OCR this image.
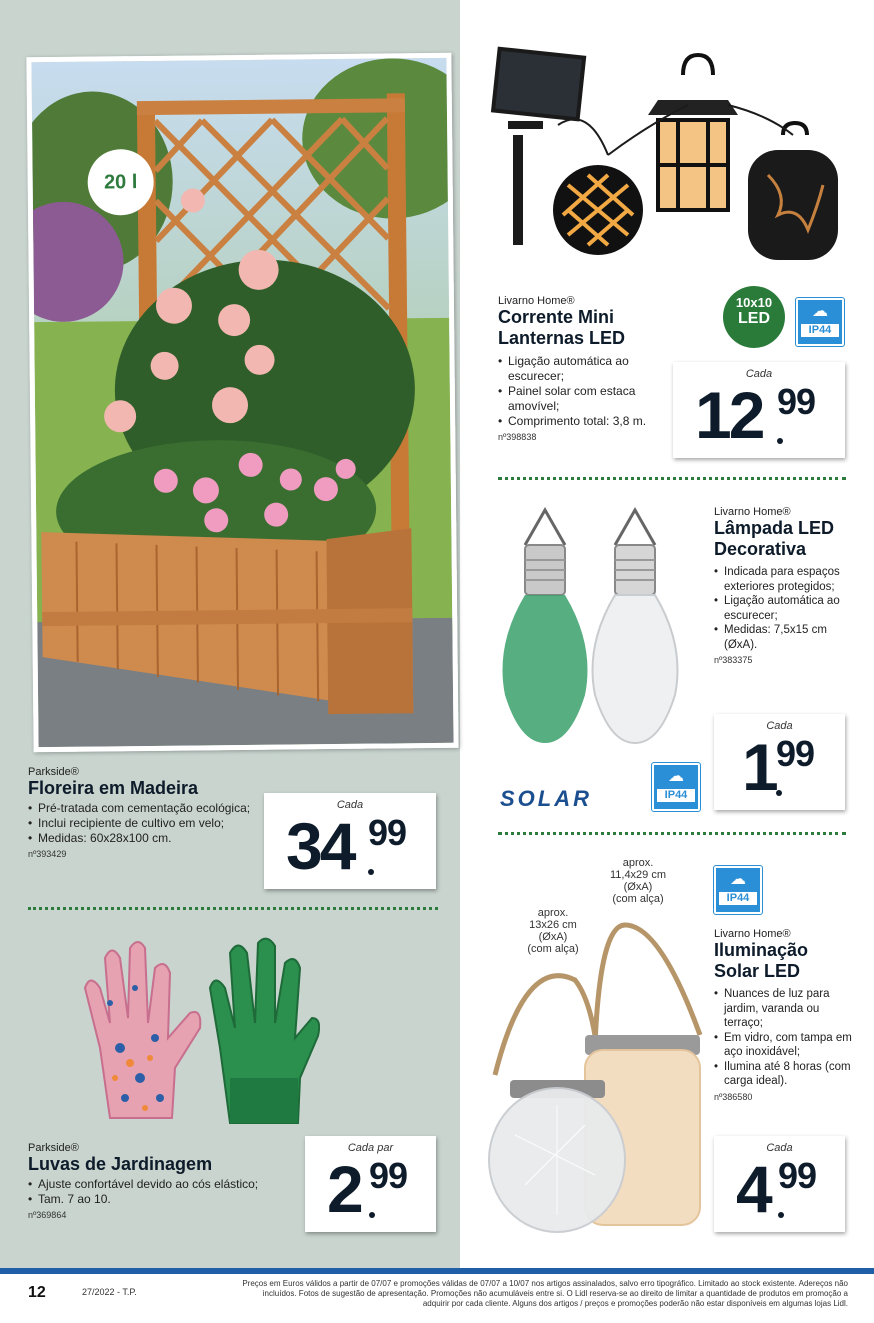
20 l
Parkside®
Floreira em Madeira
• Pré-tratada com cementação ecológica;
• Inclui recipiente de cultivo em velo;
• Medidas: 60x28x100 cm.
nº393429
Cada
34 99
Parkside®
Luvas de Jardinagem
• Ajuste confortável devido ao cós elástico;
• Tam. 7 ao 10.
nº369864
Cada par
2 99
Livarno Home®
Corrente Mini
Lanternas LED
• Ligação automática ao escurecer;
• Painel solar com estaca amovível;
• Comprimento total: 3,8 m.
nº398838
10x10
LED	☁
IP44
Cada
12 99
Livarno Home®
Lâmpada LED
Decorativa
• Indicada para espaços exteriores protegidos;
• Ligação automática ao escurecer;
• Medidas: 7,5x15 cm (ØxA).
nº383375
SOLAR
☁
IP44
Cada
1 99
aprox.
11,4x29 cm
(ØxA)
(com alça)
aprox.
13x26 cm
(ØxA)
(com alça)
☁
IP44
Livarno Home®
Iluminação
Solar LED
• Nuances de luz para jardim, varanda ou terraço;
• Em vidro, com tampa em aço inoxidável;
• Ilumina até 8 horas (com carga ideal).
nº386580
Cada
4 99
12	27/2022 - T.P.
Preços em Euros válidos a partir de 07/07 e promoções válidas de 07/07 a 10/07 nos artigos assinalados, salvo erro tipográfico. Limitado ao stock existente. Adereços não incluídos. Fotos de sugestão de apresentação. Promoções não acumuláveis entre si. O Lidl reserva-se ao direito de limitar a quantidade de produtos em promoção a adquirir por cada cliente. Alguns dos artigos / preços e promoções poderão não estar disponíveis em algumas lojas Lidl.
